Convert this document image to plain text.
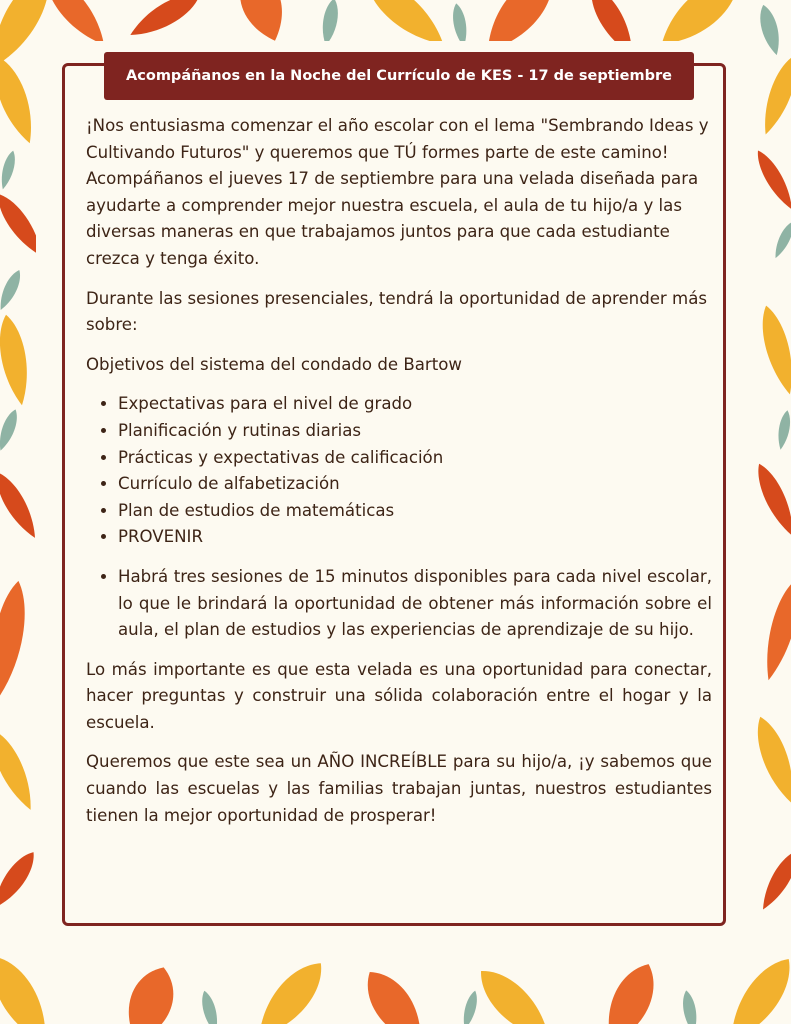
Acompáñanos en la Noche del Currículo de KES - 17 de septiembre

¡Nos entusiasma comenzar el año escolar con el lema "Sembrando Ideas y Cultivando Futuros" y queremos que TÚ formes parte de este camino! Acompáñanos el jueves 17 de septiembre para una velada diseñada para ayudarte a comprender mejor nuestra escuela, el aula de tu hijo/a y las diversas maneras en que trabajamos juntos para que cada estudiante crezca y tenga éxito.

Durante las sesiones presenciales, tendrá la oportunidad de aprender más sobre:

Objetivos del sistema del condado de Bartow

• Expectativas para el nivel de grado
• Planificación y rutinas diarias
• Prácticas y expectativas de calificación
• Currículo de alfabetización
• Plan de estudios de matemáticas
• PROVENIR
• Habrá tres sesiones de 15 minutos disponibles para cada nivel escolar, lo que le brindará la oportunidad de obtener más información sobre el aula, el plan de estudios y las experiencias de aprendizaje de su hijo.

Lo más importante es que esta velada es una oportunidad para conectar, hacer preguntas y construir una sólida colaboración entre el hogar y la escuela.

Queremos que este sea un AÑO INCREÍBLE para su hijo/a, ¡y sabemos que cuando las escuelas y las familias trabajan juntas, nuestros estudiantes tienen la mejor oportunidad de prosperar!
